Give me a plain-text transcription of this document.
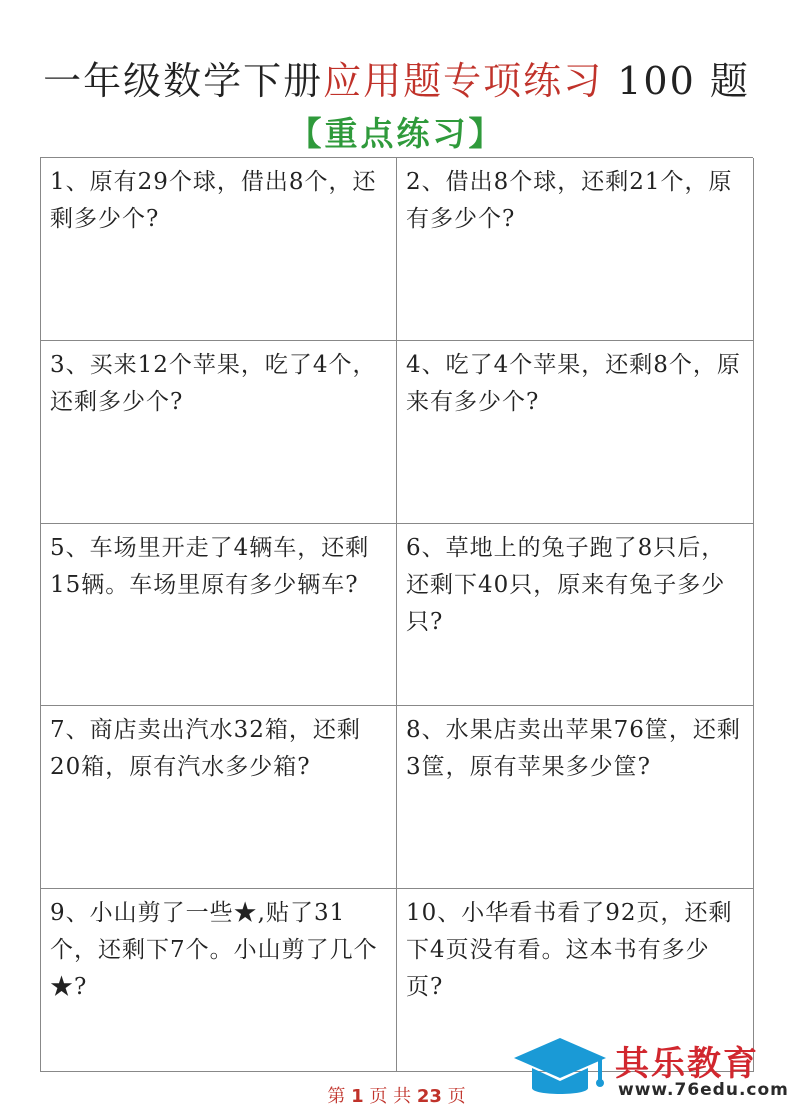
一年级数学下册应用题专项练习 100 题
【重点练习】
1、原有29个球，借出8个，还剩多少个?
2、借出8个球，还剩21个，原有多少个?
3、买来12个苹果，吃了4个，还剩多少个?
4、吃了4个苹果，还剩8个，原来有多少个?
5、车场里开走了4辆车，还剩15辆。车场里原有多少辆车?
6、草地上的兔子跑了8只后，还剩下40只，原来有兔子多少只?
7、商店卖出汽水32箱，还剩20箱，原有汽水多少箱?
8、水果店卖出苹果76筐，还剩3筐，原有苹果多少筐?
9、小山剪了一些★,贴了31个，还剩下7个。小山剪了几个★?
10、小华看书看了92页，还剩下4页没有看。这本书有多少页?
第 1 页 共 23 页
其乐教育
www.76edu.com
